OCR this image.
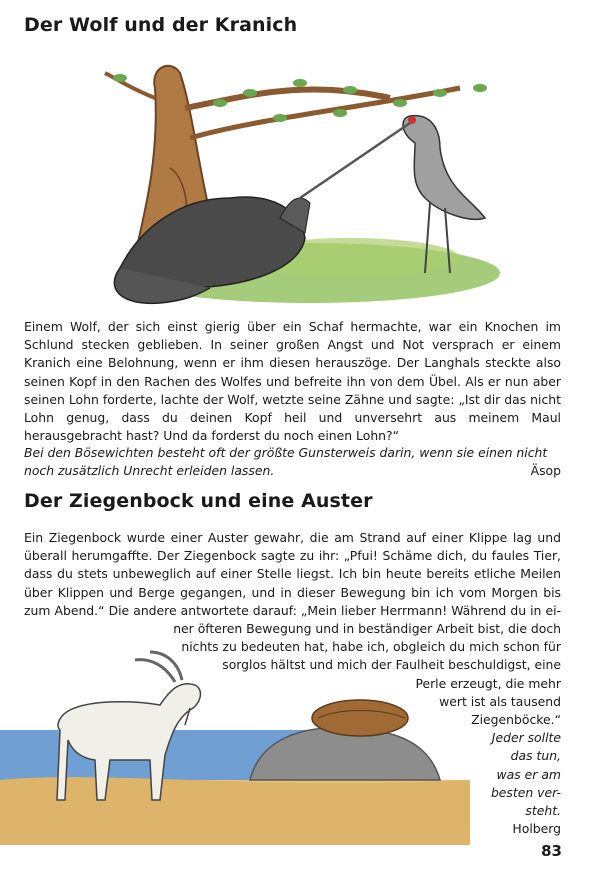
Der Wolf und der Kranich
Einem Wolf, der sich einst gierig über ein Schaf hermachte, war ein Knochen im Schlund stecken geblieben. In seiner großen Angst und Not versprach er einem Kranich eine Belohnung, wenn er ihm diesen herauszöge. Der Langhals steckte also seinen Kopf in den Rachen des Wolfes und befreite ihn von dem Übel. Als er nun aber seinen Lohn forderte, lachte der Wolf, wetzte seine Zähne und sagte: „Ist dir das nicht Lohn genug, dass du deinen Kopf heil und unversehrt aus meinem Maul herausgebracht hast? Und da forderst du noch einen Lohn?“
Bei den Bösewichten besteht oft der größte Gunsterweis darin, wenn sie einen nicht noch zusätzlich Unrecht erleiden lassen.	Äsop
Der Ziegenbock und eine Auster
Ein Ziegenbock wurde einer Auster gewahr, die am Strand auf einer Klippe lag und
überall herumgaffte. Der Ziegenbock sagte zu ihr: „Pfui! Schäme dich, du faules Tier,
dass du stets unbeweglich auf einer Stelle liegst. Ich bin heute bereits etliche Meilen
über Klippen und Berge gegangen, und in dieser Bewegung bin ich vom Morgen bis
zum Abend.“ Die andere antwortete darauf: „Mein lieber Herrmann! Während du in ei-
ner öfteren Bewegung und in beständiger Arbeit bist, die doch
nichts zu bedeuten hat, habe ich, obgleich du mich schon für
sorglos hältst und mich der Faulheit beschuldigst, eine
Perle erzeugt, die mehr
wert ist als tausend
Ziegenböcke.“
Jeder sollte
das tun,
was er am
besten ver-
steht.
Holberg
83
